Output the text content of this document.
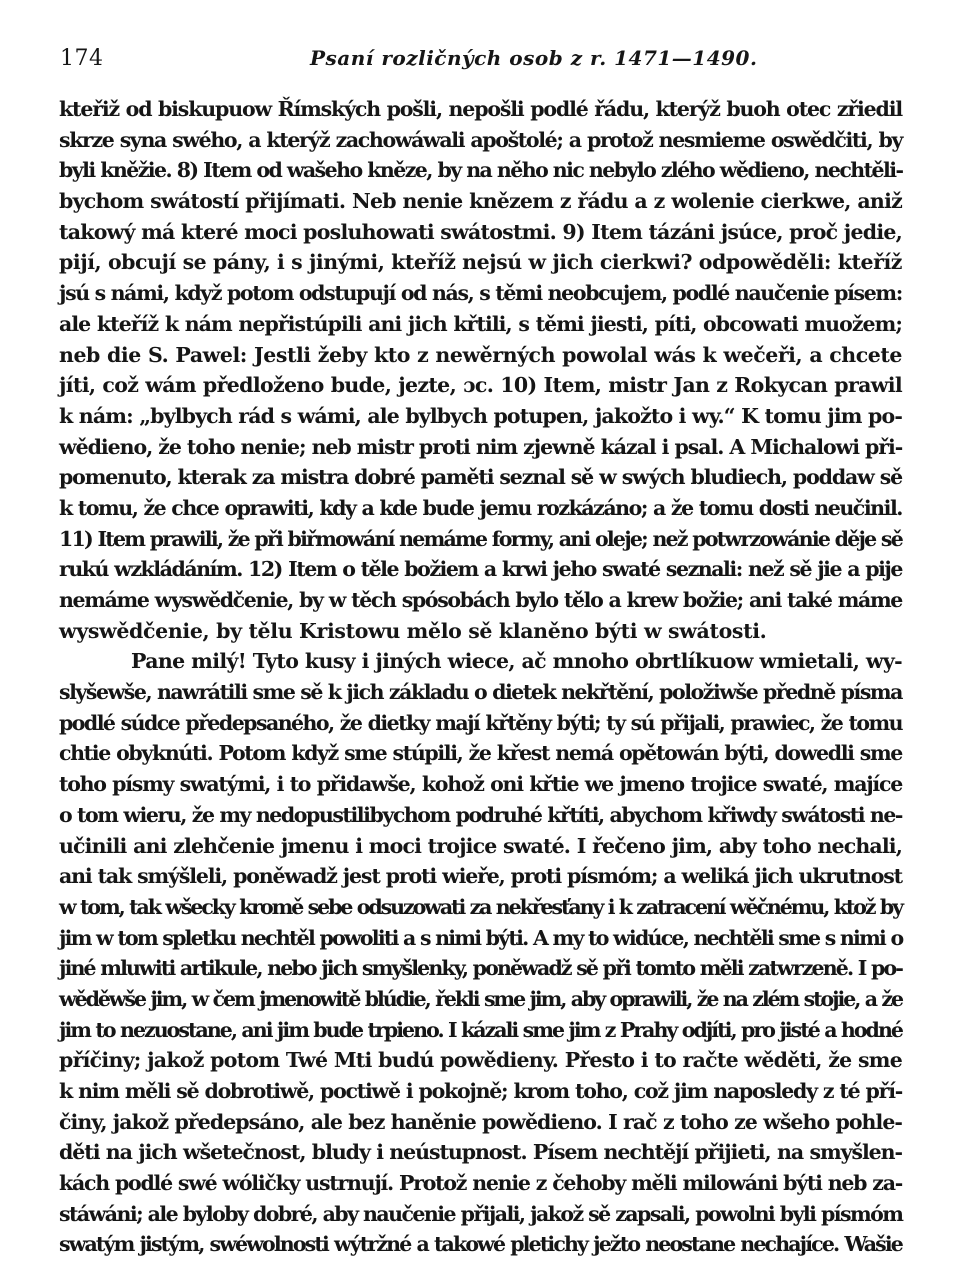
174	Psaní rozličných osob z r. 1471—1490.
kteřiž od biskupuow Římských pošli, nepošli podlé řádu, kterýž buoh otec zřiedil
skrze syna swého, a kterýž zachowáwali apoštolé; a protož nesmieme oswědčiti, by
byli kněžie. 8) Item od wašeho kněze, by na něho nic nebylo zlého wědieno, nechtěli-
bychom swátostí přijímati. Neb nenie knězem z řádu a z wolenie cierkwe, aniž
takowý má které moci posluhowati swátostmi. 9) Item tázáni jsúce, proč jedie,
pijí, obcují se pány, i s jinými, kteříž nejsú w jich cierkwi? odpowěděli: kteříž
jsú s námi, když potom odstupují od nás, s těmi neobcujem, podlé naučenie písem:
ale kteříž k nám nepřistúpili ani jich křtili, s těmi jiesti, píti, obcowati muožem;
neb die S. Pawel: Jestli žeby kto z newěrných powolal wás k wečeři, a chcete
jíti, což wám předloženo bude, jezte, ɔc. 10) Item, mistr Jan z Rokycan prawil
k nám: „bylbych rád s wámi, ale bylbych potupen, jakožto i wy.“ K tomu jim po-
wědieno, že toho nenie; neb mistr proti nim zjewně kázal i psal. A Michalowi při-
pomenuto, kterak za mistra dobré paměti seznal sě w swých bludiech, poddaw sě
k tomu, že chce oprawiti, kdy a kde bude jemu rozkázáno; a že tomu dosti neučinil.
11) Item prawili, že při biřmowání nemáme formy, ani oleje; než potwrzowánie děje sě
rukú wzkládáním. 12) Item o těle božiem a krwi jeho swaté seznali: než sě jie a pije
nemáme wyswědčenie, by w těch spósobách bylo tělo a krew božie; ani také máme
wyswědčenie, by tělu Kristowu mělo sě klaněno býti w swátosti.
Pane milý! Tyto kusy i jiných wiece, ač mnoho obrtlíkuow wmietali, wy-
slyšewše, nawrátili sme sě k jich základu o dietek nekřtění, položiwše předně písma
podlé súdce předepsaného, že dietky mají křtěny býti; ty sú přijali, prawiec, že tomu
chtie obyknúti. Potom když sme stúpili, že křest nemá opětowán býti, dowedli sme
toho písmy swatými, i to přidawše, kohož oni křtie we jmeno trojice swaté, majíce
o tom wieru, že my nedopustilibychom podruhé křtíti, abychom křiwdy swátosti ne-
učinili ani zlehčenie jmenu i moci trojice swaté. I řečeno jim, aby toho nechali,
ani tak smýšleli, poněwadž jest proti wieře, proti písmóm; a weliká jich ukrutnost
w tom, tak wšecky kromě sebe odsuzowati za nekřesťany i k zatracení wěčnému, ktož by
jim w tom spletku nechtěl powoliti a s nimi býti. A my to widúce, nechtěli sme s nimi o
jiné mluwiti artikule, nebo jich smyšlenky, poněwadž sě při tomto měli zatwrzeně. I po-
wěděwše jim, w čem jmenowitě blúdie, řekli sme jim, aby oprawili, že na zlém stojie, a že
jim to nezuostane, ani jim bude trpieno. I kázali sme jim z Prahy odjíti, pro jisté a hodné
příčiny; jakož potom Twé Mti budú powědieny. Přesto i to račte wěděti, že sme
k nim měli sě dobrotiwě, poctiwě i pokojně; krom toho, což jim naposledy z té pří-
činy, jakož předepsáno, ale bez haněnie powědieno. I rač z toho ze wšeho pohle-
děti na jich wšetečnost, bludy i neústupnost. Písem nechtějí přijieti, na smyšlen-
kách podlé swé wóličky ustrnují. Protož nenie z čehoby měli milowáni býti neb za-
stáwáni; ale byloby dobré, aby naučenie přijali, jakož sě zapsali, powolni byli písmóm
swatým jistým, swéwolnosti wýtržné a takowé pletichy ježto neostane nechajíce. Wašie
